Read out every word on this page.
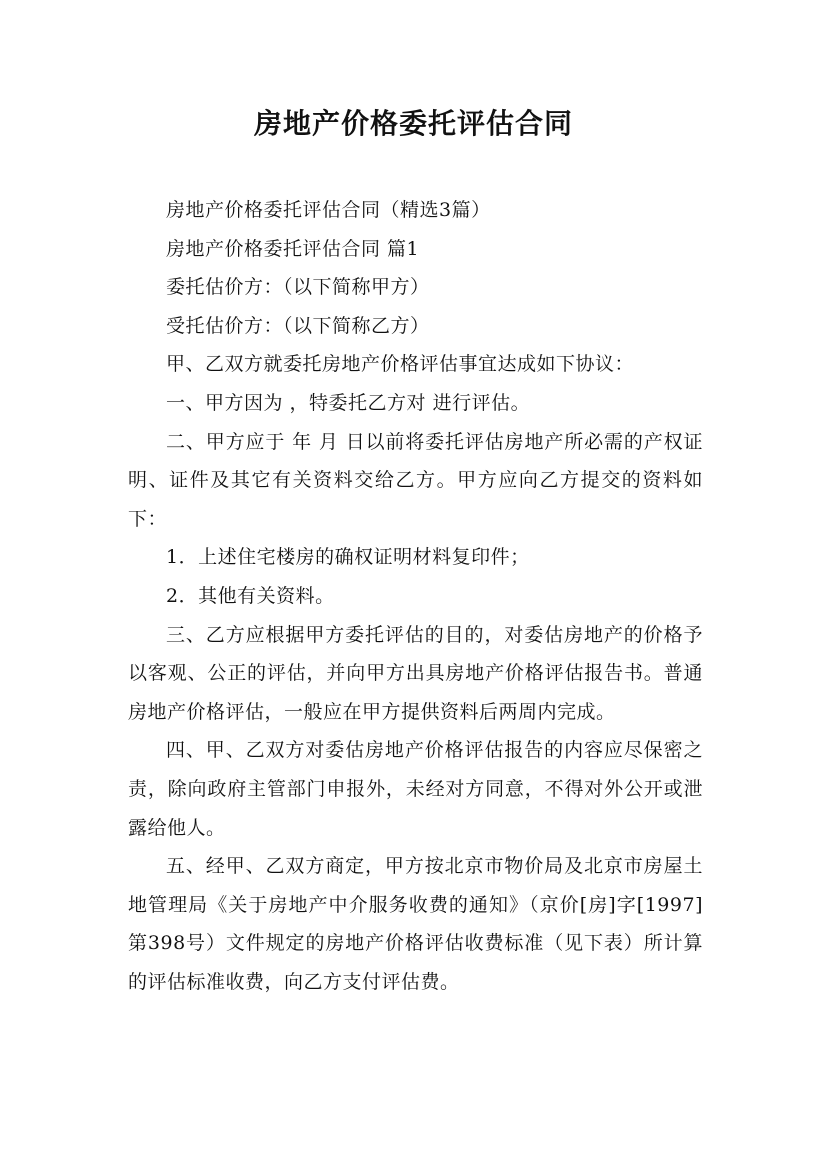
房地产价格委托评估合同

房地产价格委托评估合同（精选3篇）

房地产价格委托评估合同 篇1

委托估价方：（以下简称甲方）

受托估价方：（以下简称乙方）

甲、乙双方就委托房地产价格评估事宜达成如下协议：

一、甲方因为 ，特委托乙方对 进行评估。

二、甲方应于 年 月 日以前将委托评估房地产所必需的产权证明、证件及其它有关资料交给乙方。甲方应向乙方提交的资料如下：

1．上述住宅楼房的确权证明材料复印件；

2．其他有关资料。

三、乙方应根据甲方委托评估的目的，对委估房地产的价格予以客观、公正的评估，并向甲方出具房地产价格评估报告书。普通房地产价格评估，一般应在甲方提供资料后两周内完成。

四、甲、乙双方对委估房地产价格评估报告的内容应尽保密之责，除向政府主管部门申报外，未经对方同意，不得对外公开或泄露给他人。

五、经甲、乙双方商定，甲方按北京市物价局及北京市房屋土地管理局《关于房地产中介服务收费的通知》（京价[房]字[1997]第398号）文件规定的房地产价格评估收费标准（见下表）所计算的评估标准收费，向乙方支付评估费。
